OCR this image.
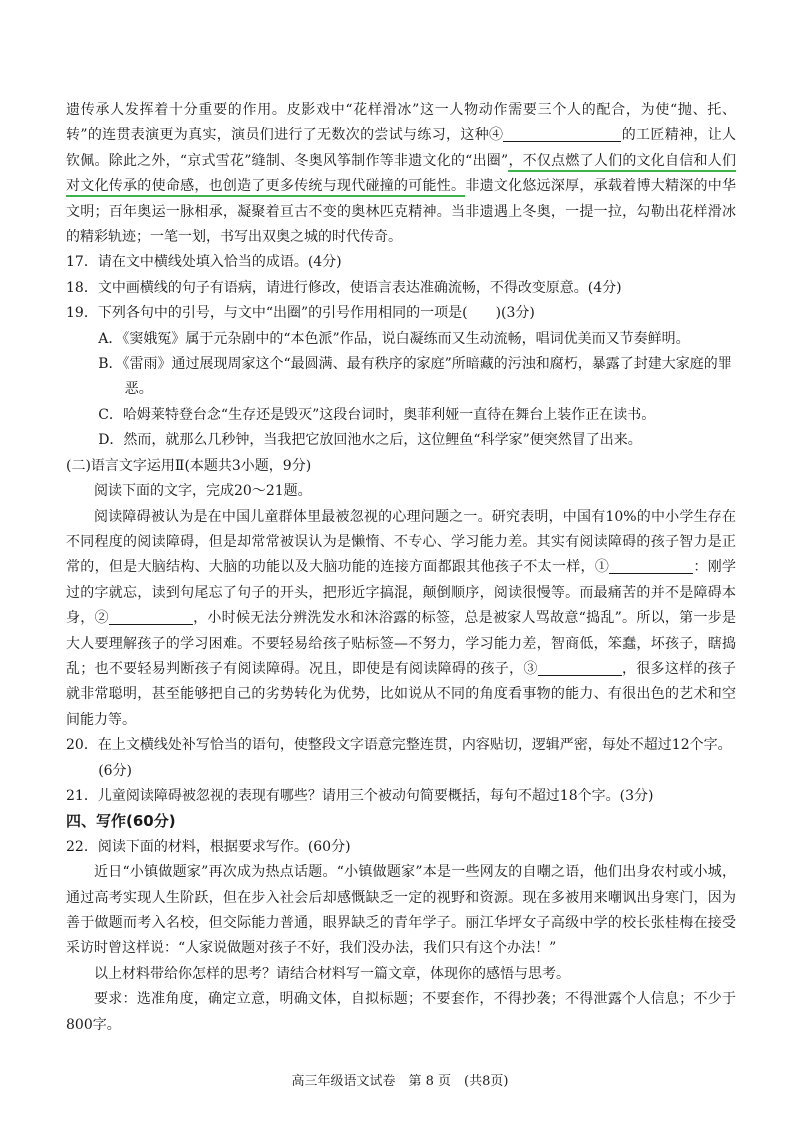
遗传承人发挥着十分重要的作用。皮影戏中“花样滑冰”这一人物动作需要三个人的配合，为使“抛、托、转”的连贯表演更为真实，演员们进行了无数次的尝试与练习，这种④	的工匠精神，让人钦佩。除此之外，“京式雪花”缝制、冬奥风筝制作等非遗文化的“出圈”，不仅点燃了人们的文化自信和人们对文化传承的使命感，也创造了更多传统与现代碰撞的可能性。非遗文化悠远深厚，承载着博大精深的中华文明；百年奥运一脉相承，凝聚着亘古不变的奥林匹克精神。当非遗遇上冬奥，一提一拉，勾勒出花样滑冰的精彩轨迹；一笔一划，书写出双奥之城的时代传奇。

17．请在文中横线处填入恰当的成语。(4分)

18．文中画横线的句子有语病，请进行修改，使语言表达准确流畅，不得改变原意。(4分)

19．下列各句中的引号，与文中“出圈”的引号作用相同的一项是(　　)(3分)

A．《窦娥冤》属于元杂剧中的“本色派”作品，说白凝练而又生动流畅，唱词优美而又节奏鲜明。

B．《雷雨》通过展现周家这个“最圆满、最有秩序的家庭”所暗藏的污浊和腐朽，暴露了封建大家庭的罪恶。

C．哈姆莱特登台念“生存还是毁灭”这段台词时，奥菲利娅一直待在舞台上装作正在读书。

D．然而，就那么几秒钟，当我把它放回池水之后，这位鲤鱼“科学家”便突然冒了出来。

(二)语言文字运用Ⅱ(本题共3小题，9分)

阅读下面的文字，完成20～21题。

阅读障碍被认为是在中国儿童群体里最被忽视的心理问题之一。研究表明，中国有10%的中小学生存在不同程度的阅读障碍，但是却常常被误认为是懒惰、不专心、学习能力差。其实有阅读障碍的孩子智力是正常的，但是大脑结构、大脑的功能以及大脑功能的连接方面都跟其他孩子不太一样，①	：刚学过的字就忘，读到句尾忘了句子的开头，把形近字搞混，颠倒顺序，阅读很慢等。而最痛苦的并不是障碍本身，②	，小时候无法分辨洗发水和沐浴露的标签，总是被家人骂故意“捣乱”。所以，第一步是大人要理解孩子的学习困难。不要轻易给孩子贴标签—不努力，学习能力差，智商低，笨蠢，坏孩子，瞎捣乱；也不要轻易判断孩子有阅读障碍。况且，即使是有阅读障碍的孩子，③	，很多这样的孩子就非常聪明，甚至能够把自己的劣势转化为优势，比如说从不同的角度看事物的能力、有很出色的艺术和空间能力等。

20．在上文横线处补写恰当的语句，使整段文字语意完整连贯，内容贴切，逻辑严密，每处不超过12个字。(6分)

21．儿童阅读障碍被忽视的表现有哪些？请用三个被动句简要概括，每句不超过18个字。(3分)

四、写作(60分)

22．阅读下面的材料，根据要求写作。(60分)

近日“小镇做题家”再次成为热点话题。“小镇做题家”本是一些网友的自嘲之语，他们出身农村或小城，通过高考实现人生阶跃，但在步入社会后却感慨缺乏一定的视野和资源。现在多被用来嘲讽出身寒门，因为善于做题而考入名校，但交际能力普通，眼界缺乏的青年学子。丽江华坪女子高级中学的校长张桂梅在接受采访时曾这样说：“人家说做题对孩子不好，我们没办法，我们只有这个办法！”

以上材料带给你怎样的思考？请结合材料写一篇文章，体现你的感悟与思考。

要求：选准角度，确定立意，明确文体，自拟标题；不要套作，不得抄袭；不得泄露个人信息；不少于800字。

高三年级语文试卷　第 8 页　(共8页)
